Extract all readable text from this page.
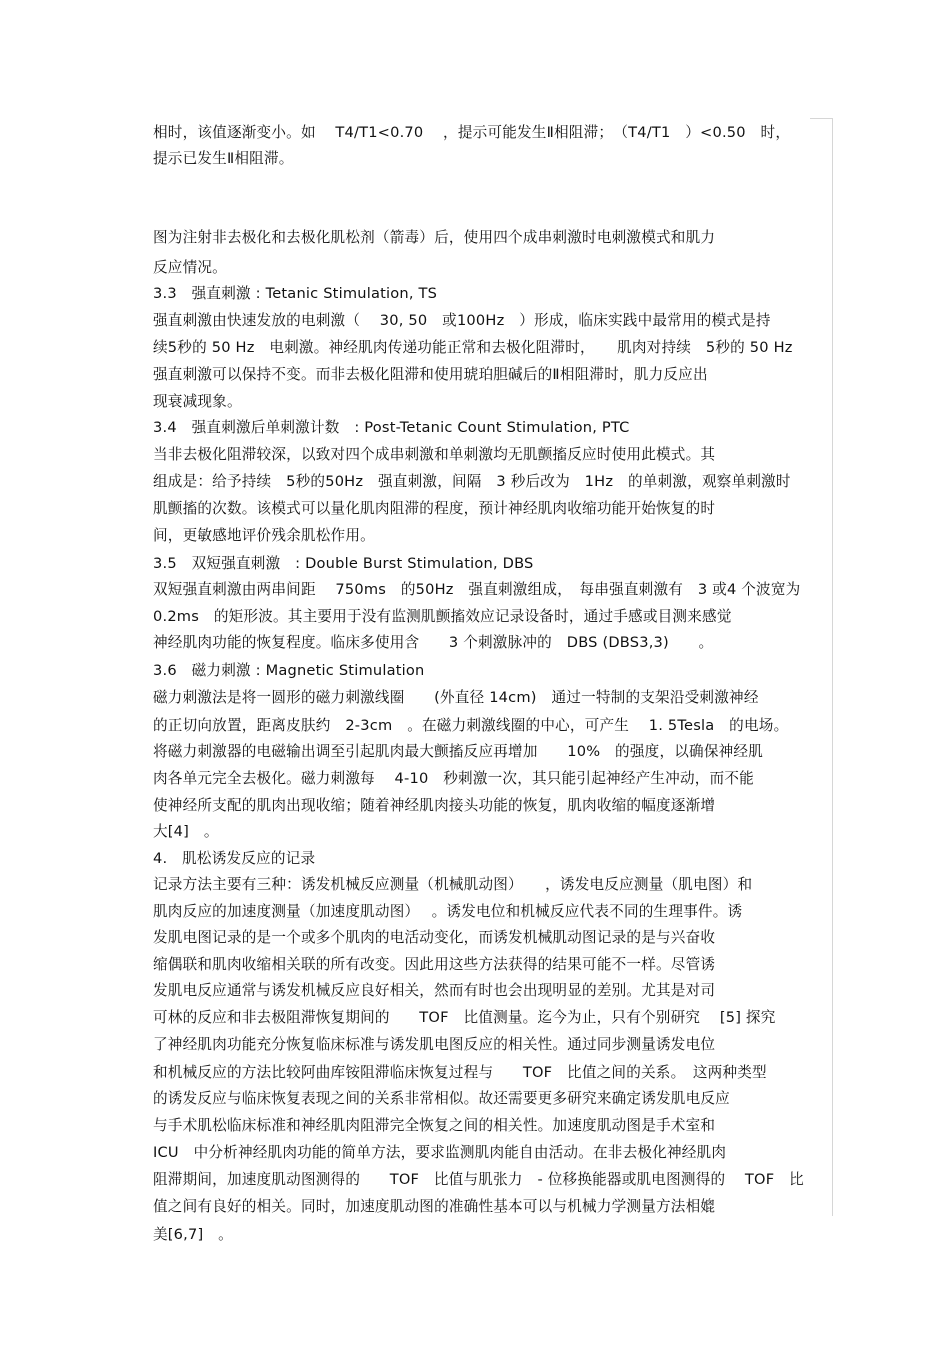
相时，该值逐渐变小。如　 T4/T1<0.70　 ，提示可能发生Ⅱ相阻滞；　（T4/T1　）<0.50　时，
提示已发生Ⅱ相阻滞。
图为注射非去极化和去极化肌松剂（箭毒）后，使用四个成串刺激时电刺激模式和肌力
反应情况。
3.3　强直刺激 : Tetanic Stimulation, TS
强直刺激由快速发放的电刺激（　 30, 50　或100Hz　）形成，临床实践中最常用的模式是持
续5秒的 50 Hz　电刺激。神经肌肉传递功能正常和去极化阻滞时，　　肌肉对持续　5秒的 50 Hz
强直刺激可以保持不变。而非去极化阻滞和使用琥珀胆碱后的Ⅱ相阻滞时，肌力反应出
现衰减现象。
3.4　强直刺激后单刺激计数　: Post-Tetanic Count Stimulation, PTC
当非去极化阻滞较深，以致对四个成串刺激和单刺激均无肌颤搐反应时使用此模式。其
组成是：给予持续　5秒的50Hz　强直刺激，间隔　3 秒后改为　1Hz　的单刺激，观察单刺激时
肌颤搐的次数。该模式可以量化肌肉阻滞的程度，预计神经肌肉收缩功能开始恢复的时
间，更敏感地评价残余肌松作用。
3.5　双短强直刺激　: Double Burst Stimulation, DBS
双短强直刺激由两串间距　 750ms　的50Hz　强直刺激组成，　每串强直刺激有　3 或4 个波宽为
0.2ms　的矩形波。其主要用于没有监测肌颤搐效应记录设备时，通过手感或目测来感觉
神经肌肉功能的恢复程度。临床多使用含　　3 个刺激脉冲的　DBS (DBS3,3)　　。
3.6　磁力刺激 : Magnetic Stimulation
磁力刺激法是将一圆形的磁力刺激线圈　　(外直径 14cm)　通过一特制的支架沿受刺激神经
的正切向放置，距离皮肤约　2-3cm　。在磁力刺激线圈的中心，可产生　 1. 5Tesla　的电场。
将磁力刺激器的电磁输出调至引起肌肉最大颤搐反应再增加　　10%　的强度，以确保神经肌
肉各单元完全去极化。磁力刺激每　 4-10　秒刺激一次，其只能引起神经产生冲动，而不能
使神经所支配的肌肉出现收缩；随着神经肌肉接头功能的恢复，肌肉收缩的幅度逐渐增
大[4]　。
4.　肌松诱发反应的记录
记录方法主要有三种：诱发机械反应测量（机械肌动图）　　，诱发电反应测量（肌电图）和
肌肉反应的加速度测量（加速度肌动图）　 。诱发电位和机械反应代表不同的生理事件。诱
发肌电图记录的是一个或多个肌肉的电活动变化，而诱发机械肌动图记录的是与兴奋收
缩偶联和肌肉收缩相关联的所有改变。因此用这些方法获得的结果可能不一样。尽管诱
发肌电反应通常与诱发机械反应良好相关，然而有时也会出现明显的差别。尤其是对司
可林的反应和非去极阻滞恢复期间的　　TOF　比值测量。迄今为止，只有个别研究　 [5] 探究
了神经肌肉功能充分恢复临床标准与诱发肌电图反应的相关性。通过同步测量诱发电位
和机械反应的方法比较阿曲库铵阻滞临床恢复过程与　　TOF　比值之间的关系。　这两种类型
的诱发反应与临床恢复表现之间的关系非常相似。故还需要更多研究来确定诱发肌电反应
与手术肌松临床标准和神经肌肉阻滞完全恢复之间的相关性。加速度肌动图是手术室和
ICU　中分析神经肌肉功能的简单方法，要求监测肌肉能自由活动。在非去极化神经肌肉
阻滞期间，加速度肌动图测得的　　TOF　比值与肌张力　- 位移换能器或肌电图测得的　 TOF　比
值之间有良好的相关。同时，加速度肌动图的准确性基本可以与机械力学测量方法相媲
美[6,7]　。
